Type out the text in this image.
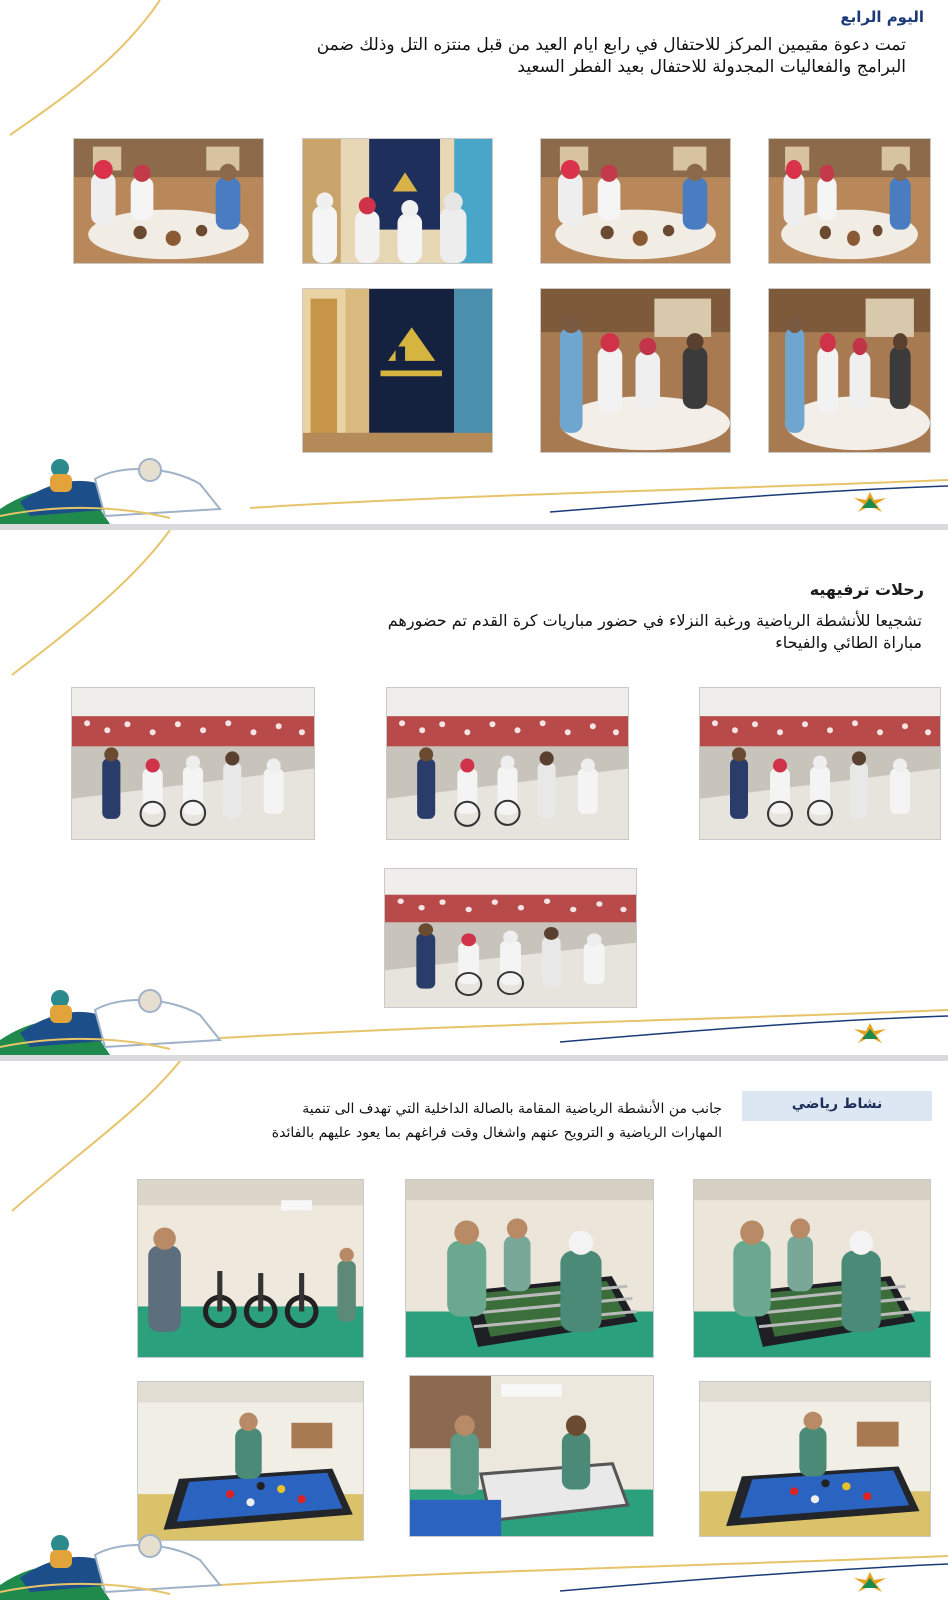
اليوم الرابع
تمت دعوة مقيمين المركز للاحتفال في رابع ايام العيد من قبل منتزه التل وذلك ضمن
البرامج والفعاليات المجدولة للاحتفال بعيد الفطر السعيد
رحلات ترفيهيه
تشجيعا للأنشطة الرياضية ورغبة النزلاء في حضور مباريات كرة القدم تم حضورهم
مباراة الطائي والفيحاء
نشاط رياضي
جانب من الأنشطة الرياضية المقامة بالصالة الداخلية التي تهدف الى تنمية
المهارات الرياضية و الترويح عنهم واشغال وقت فراغهم بما يعود عليهم بالفائدة
